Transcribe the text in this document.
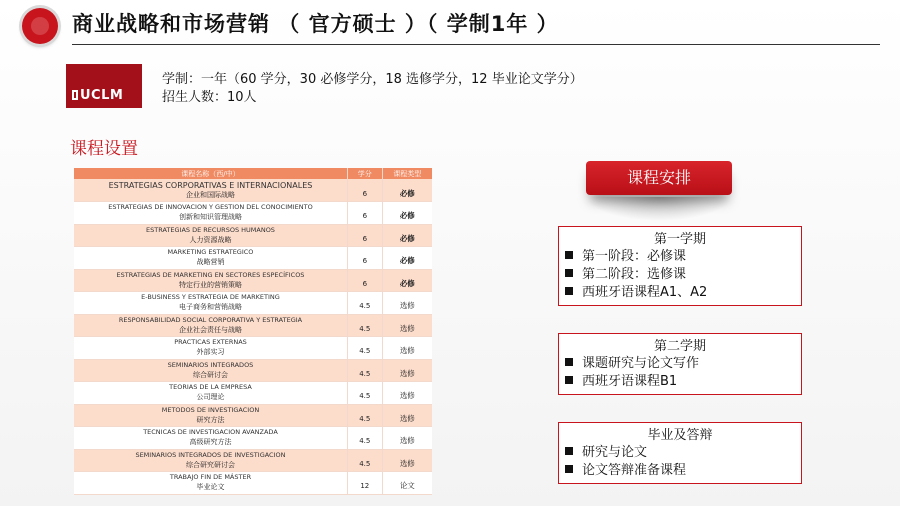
商业战略和市场营销 （ 官方硕士 ）（ 学制1年 ）
UCLM
学制：一年（60 学分，30 必修学分，18 选修学分，12 毕业论文学分）
招生人数：10人
课程设置
课程名称（西/中）	学分	课程类型

ESTRATEGIAS CORPORATIVAS E INTERNACIONALES
企业和国际战略	6	必修

ESTRATEGIAS DE INNOVACION Y GESTION DEL CONOCIMIENTO
创新和知识管理战略	6	必修

ESTRATEGIAS DE RECURSOS HUMANOS
人力资源战略	6	必修

MARKETING ESTRATEGICO
战略营销	6	必修

ESTRATEGIAS DE MARKETING EN SECTORES ESPECÍFICOS
特定行业的营销策略	6	必修

E-BUSINESS Y ESTRATEGIA DE MARKETING
电子商务和营销战略	4.5	选修

RESPONSABILIDAD SOCIAL CORPORATIVA Y ESTRATEGIA
企业社会责任与战略	4.5	选修

PRACTICAS EXTERNAS
外部实习	4.5	选修

SEMINARIOS INTEGRADOS
综合研讨会	4.5	选修

TEORIAS DE LA EMPRESA
公司理论	4.5	选修

METODOS DE INVESTIGACION
研究方法	4.5	选修

TECNICAS DE INVESTIGACION AVANZADA
高级研究方法	4.5	选修

SEMINARIOS INTEGRADOS DE INVESTIGACION
综合研究研讨会	4.5	选修

TRABAJO FIN DE MÁSTER
毕业论文	12	论文
课程安排
第一学期
第一阶段：必修课
第二阶段：选修课
西班牙语课程A1、A2
第二学期
课题研究与论文写作
西班牙语课程B1
毕业及答辩
研究与论文
论文答辩准备课程
